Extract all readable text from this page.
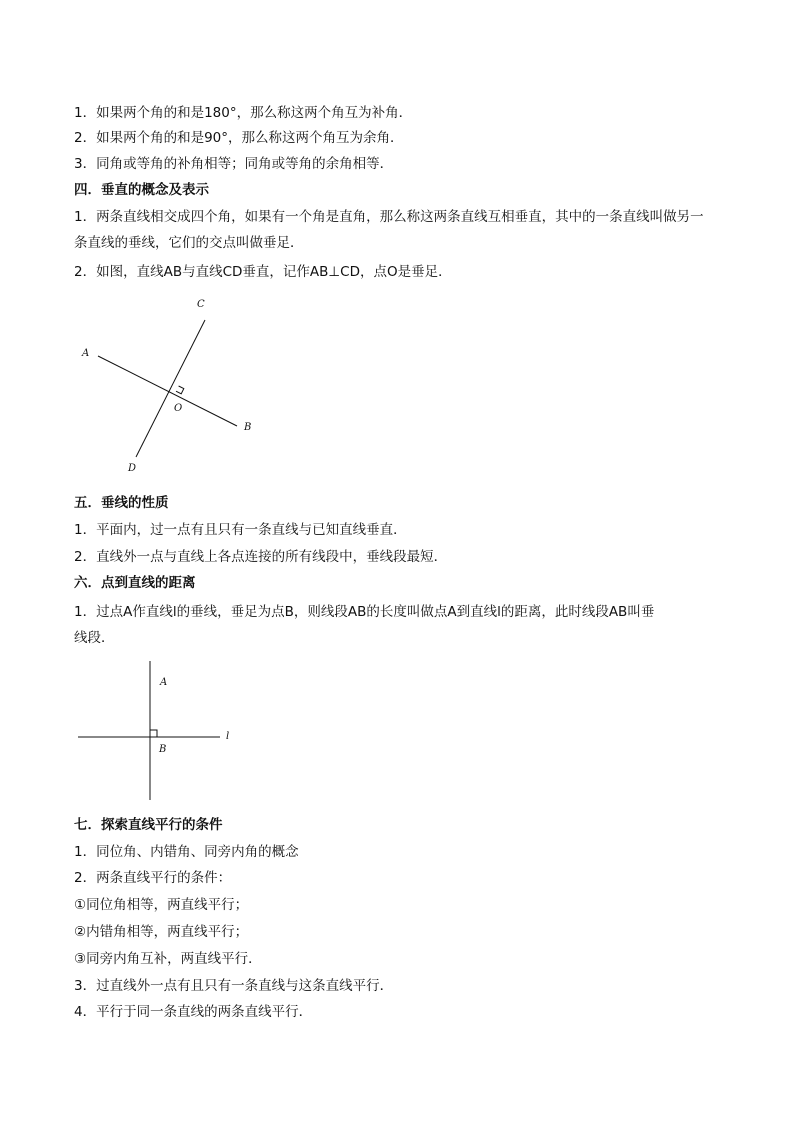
1．如果两个角的和是180°，那么称这两个角互为补角．
2．如果两个角的和是90°，那么称这两个角互为余角．
3．同角或等角的补角相等；同角或等角的余角相等．
四．垂直的概念及表示
1．两条直线相交成四个角，如果有一个角是直角，那么称这两条直线互相垂直，其中的一条直线叫做另一
条直线的垂线，它们的交点叫做垂足．
2．如图，直线AB与直线CD垂直，记作AB⊥CD，点O是垂足．
A
B
C
D
O
五．垂线的性质
1．平面内，过一点有且只有一条直线与已知直线垂直．
2．直线外一点与直线上各点连接的所有线段中，垂线段最短．
六．点到直线的距离
1．过点A作直线l的垂线，垂足为点B，则线段AB的长度叫做点A到直线l的距离，此时线段AB叫垂
线段．
A
B
l
七．探索直线平行的条件
1．同位角、内错角、同旁内角的概念
2．两条直线平行的条件：
①同位角相等，两直线平行；
②内错角相等，两直线平行；
③同旁内角互补，两直线平行．
3．过直线外一点有且只有一条直线与这条直线平行．
4．平行于同一条直线的两条直线平行．
